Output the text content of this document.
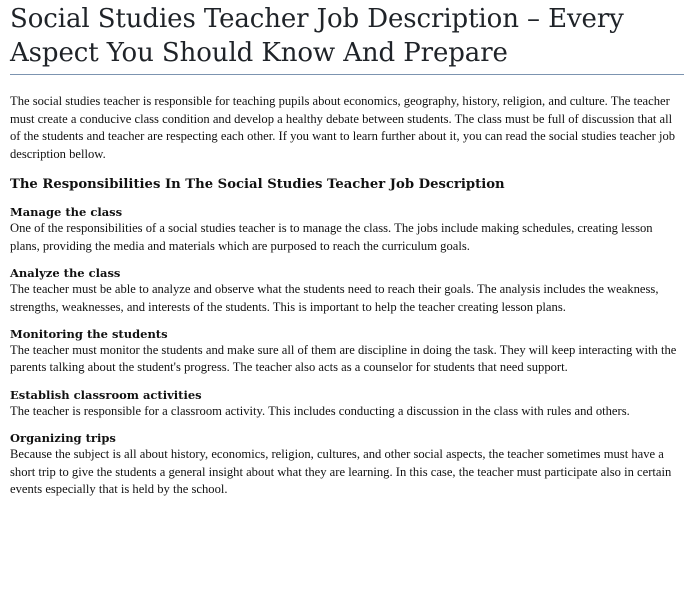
Social Studies Teacher Job Description – Every
Aspect You Should Know And Prepare

The social studies teacher is responsible for teaching pupils about economics, geography, history, religion, and culture. The teacher must create a conducive class condition and develop a healthy debate between students. The class must be full of discussion that all of the students and teacher are respecting each other. If you want to learn further about it, you can read the social studies teacher job description bellow.

The Responsibilities In The Social Studies Teacher Job Description
Manage the class

One of the responsibilities of a social studies teacher is to manage the class. The jobs include making schedules, creating lesson plans, providing the media and materials which are purposed to reach the curriculum goals.

Analyze the class

The teacher must be able to analyze and observe what the students need to reach their goals. The analysis includes the weakness, strengths, weaknesses, and interests of the students. This is important to help the teacher creating lesson plans.

Monitoring the students

The teacher must monitor the students and make sure all of them are discipline in doing the task. They will keep interacting with the parents talking about the student's progress. The teacher also acts as a counselor for students that need support.

Establish classroom activities

The teacher is responsible for a classroom activity. This includes conducting a discussion in the class with rules and others.

Organizing trips

Because the subject is all about history, economics, religion, cultures, and other social aspects, the teacher sometimes must have a short trip to give the students a general insight about what they are learning. In this case, the teacher must participate also in certain events especially that is held by the school.
